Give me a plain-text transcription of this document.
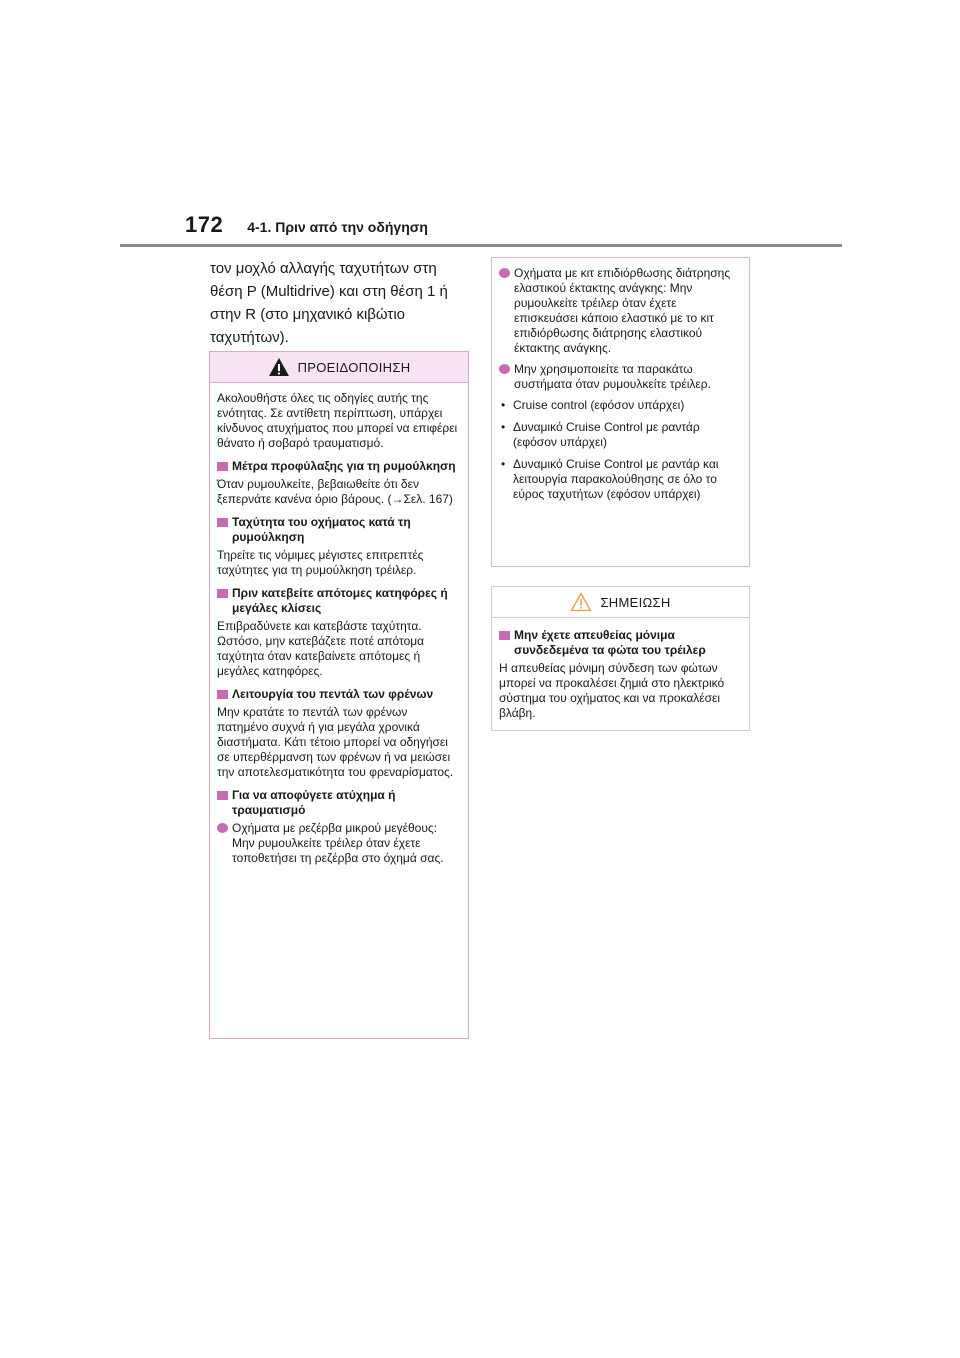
172 4-1. Πριν από την οδήγηση
τον μοχλό αλλαγής ταχυτήτων στη θέση P (Multidrive) και στη θέση 1 ή στην R (στο μηχανικό κιβώτιο ταχυτήτων).
ΠΡΟΕΙΔΟΠΟΙΗΣΗ

Ακολουθήστε όλες τις οδηγίες αυτής της ενότητας. Σε αντίθετη περίπτωση, υπάρχει κίνδυνος ατυχήματος που μπορεί να επιφέρει θάνατο ή σοβαρό τραυματισμό.

Μέτρα προφύλαξης για τη ρυμούλκηση

Όταν ρυμουλκείτε, βεβαιωθείτε ότι δεν ξεπερνάτε κανένα όριο βάρους. (→Σελ. 167)

Ταχύτητα του οχήματος κατά τη ρυμούλκηση

Τηρείτε τις νόμιμες μέγιστες επιτρεπτές ταχύτητες για τη ρυμούλκηση τρέιλερ.

Πριν κατεβείτε απότομες κατηφόρες ή μεγάλες κλίσεις

Επιβραδύνετε και κατεβάστε ταχύτητα. Ωστόσο, μην κατεβάζετε ποτέ απότομα ταχύτητα όταν κατεβαίνετε απότομες ή μεγάλες κατηφόρες.

Λειτουργία του πεντάλ των φρένων

Μην κρατάτε το πεντάλ των φρένων πατημένο συχνά ή για μεγάλα χρονικά διαστήματα. Κάτι τέτοιο μπορεί να οδηγήσει σε υπερθέρμανση των φρένων ή να μειώσει την αποτελεσματικότητα του φρεναρίσματος.

Για να αποφύγετε ατύχημα ή τραυματισμό
Οχήματα με ρεζέρβα μικρού μεγέθους: Μην ρυμουλκείτε τρέιλερ όταν έχετε τοποθετήσει τη ρεζέρβα στο όχημά σας.
Οχήματα με κιτ επιδιόρθωσης διάτρησης ελαστικού έκτακτης ανάγκης: Μην ρυμουλκείτε τρέιλερ όταν έχετε επισκευάσει κάποιο ελαστικό με το κιτ επιδιόρθωσης διάτρησης ελαστικού έκτακτης ανάγκης.
Μην χρησιμοποιείτε τα παρακάτω συστήματα όταν ρυμουλκείτε τρέιλερ.
• Cruise control (εφόσον υπάρχει)
• Δυναμικό Cruise Control με ραντάρ (εφόσον υπάρχει)
• Δυναμικό Cruise Control με ραντάρ και λειτουργία παρακολούθησης σε όλο το εύρος ταχυτήτων (εφόσον υπάρχει)
ΣΗΜΕΙΩΣΗ
Μην έχετε απευθείας μόνιμα συνδεδεμένα τα φώτα του τρέιλερ

Η απευθείας μόνιμη σύνδεση των φώτων μπορεί να προκαλέσει ζημιά στο ηλεκτρικό σύστημα του οχήματος και να προκαλέσει βλάβη.
